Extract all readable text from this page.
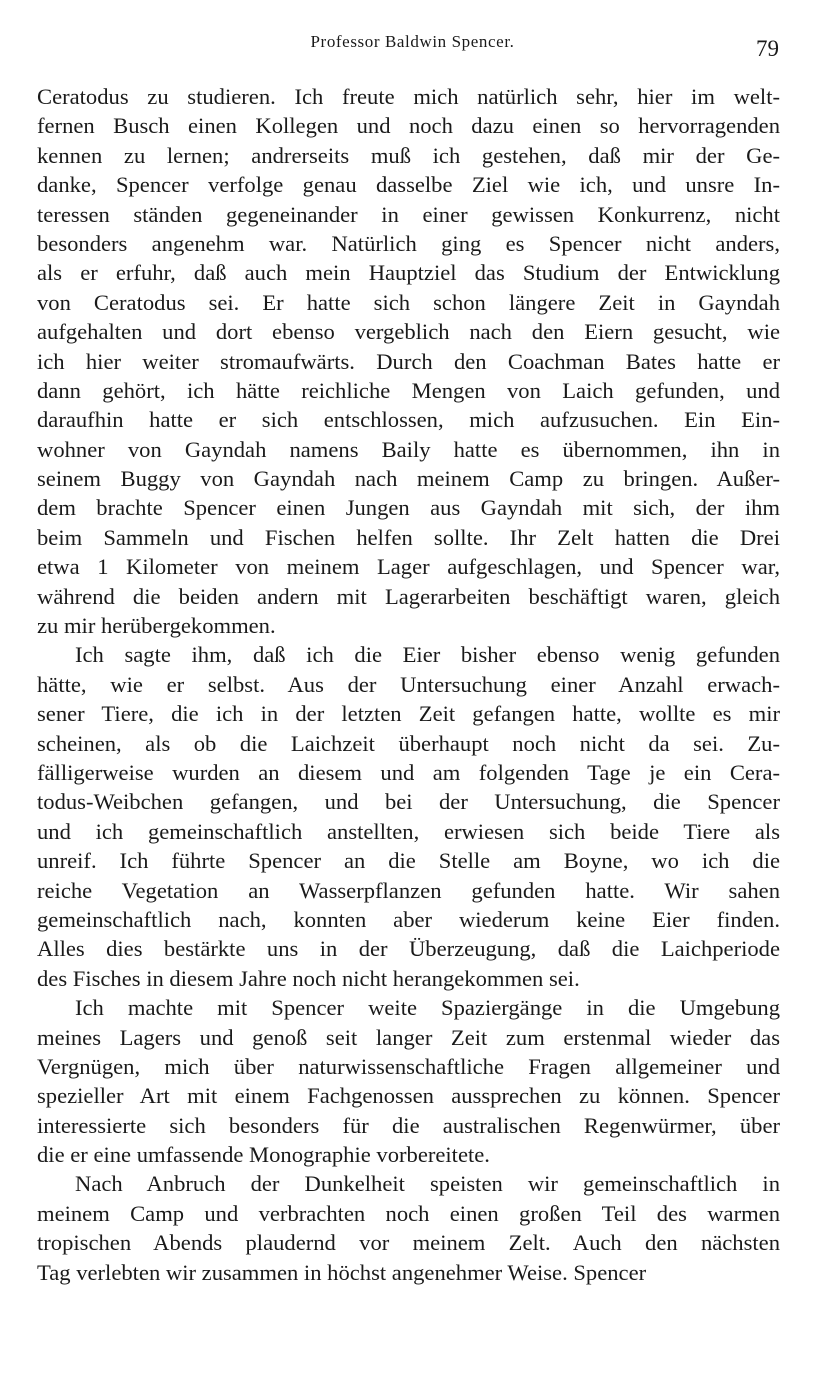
Professor Baldwin Spencer.	79
Ceratodus zu studieren. Ich freute mich natürlich sehr, hier im welt-
fernen Busch einen Kollegen und noch dazu einen so hervorragenden
kennen zu lernen; andrerseits muß ich gestehen, daß mir der Ge-
danke, Spencer verfolge genau dasselbe Ziel wie ich, und unsre In-
teressen ständen gegeneinander in einer gewissen Konkurrenz, nicht
besonders angenehm war. Natürlich ging es Spencer nicht anders,
als er erfuhr, daß auch mein Hauptziel das Studium der Entwicklung
von Ceratodus sei. Er hatte sich schon längere Zeit in Gayndah
aufgehalten und dort ebenso vergeblich nach den Eiern gesucht, wie
ich hier weiter stromaufwärts. Durch den Coachman Bates hatte er
dann gehört, ich hätte reichliche Mengen von Laich gefunden, und
daraufhin hatte er sich entschlossen, mich aufzusuchen. Ein Ein-
wohner von Gayndah namens Baily hatte es übernommen, ihn in
seinem Buggy von Gayndah nach meinem Camp zu bringen. Außer-
dem brachte Spencer einen Jungen aus Gayndah mit sich, der ihm
beim Sammeln und Fischen helfen sollte. Ihr Zelt hatten die Drei
etwa 1 Kilometer von meinem Lager aufgeschlagen, und Spencer war,
während die beiden andern mit Lagerarbeiten beschäftigt waren, gleich
zu mir herübergekommen.
Ich sagte ihm, daß ich die Eier bisher ebenso wenig gefunden
hätte, wie er selbst. Aus der Untersuchung einer Anzahl erwach-
sener Tiere, die ich in der letzten Zeit gefangen hatte, wollte es mir
scheinen, als ob die Laichzeit überhaupt noch nicht da sei. Zu-
fälligerweise wurden an diesem und am folgenden Tage je ein Cera-
todus-Weibchen gefangen, und bei der Untersuchung, die Spencer
und ich gemeinschaftlich anstellten, erwiesen sich beide Tiere als
unreif. Ich führte Spencer an die Stelle am Boyne, wo ich die
reiche Vegetation an Wasserpflanzen gefunden hatte. Wir sahen
gemeinschaftlich nach, konnten aber wiederum keine Eier finden.
Alles dies bestärkte uns in der Überzeugung, daß die Laichperiode
des Fisches in diesem Jahre noch nicht herangekommen sei.
Ich machte mit Spencer weite Spaziergänge in die Umgebung
meines Lagers und genoß seit langer Zeit zum erstenmal wieder das
Vergnügen, mich über naturwissenschaftliche Fragen allgemeiner und
spezieller Art mit einem Fachgenossen aussprechen zu können. Spencer
interessierte sich besonders für die australischen Regenwürmer, über
die er eine umfassende Monographie vorbereitete.
Nach Anbruch der Dunkelheit speisten wir gemeinschaftlich in
meinem Camp und verbrachten noch einen großen Teil des warmen
tropischen Abends plaudernd vor meinem Zelt. Auch den nächsten
Tag verlebten wir zusammen in höchst angenehmer Weise. Spencer
